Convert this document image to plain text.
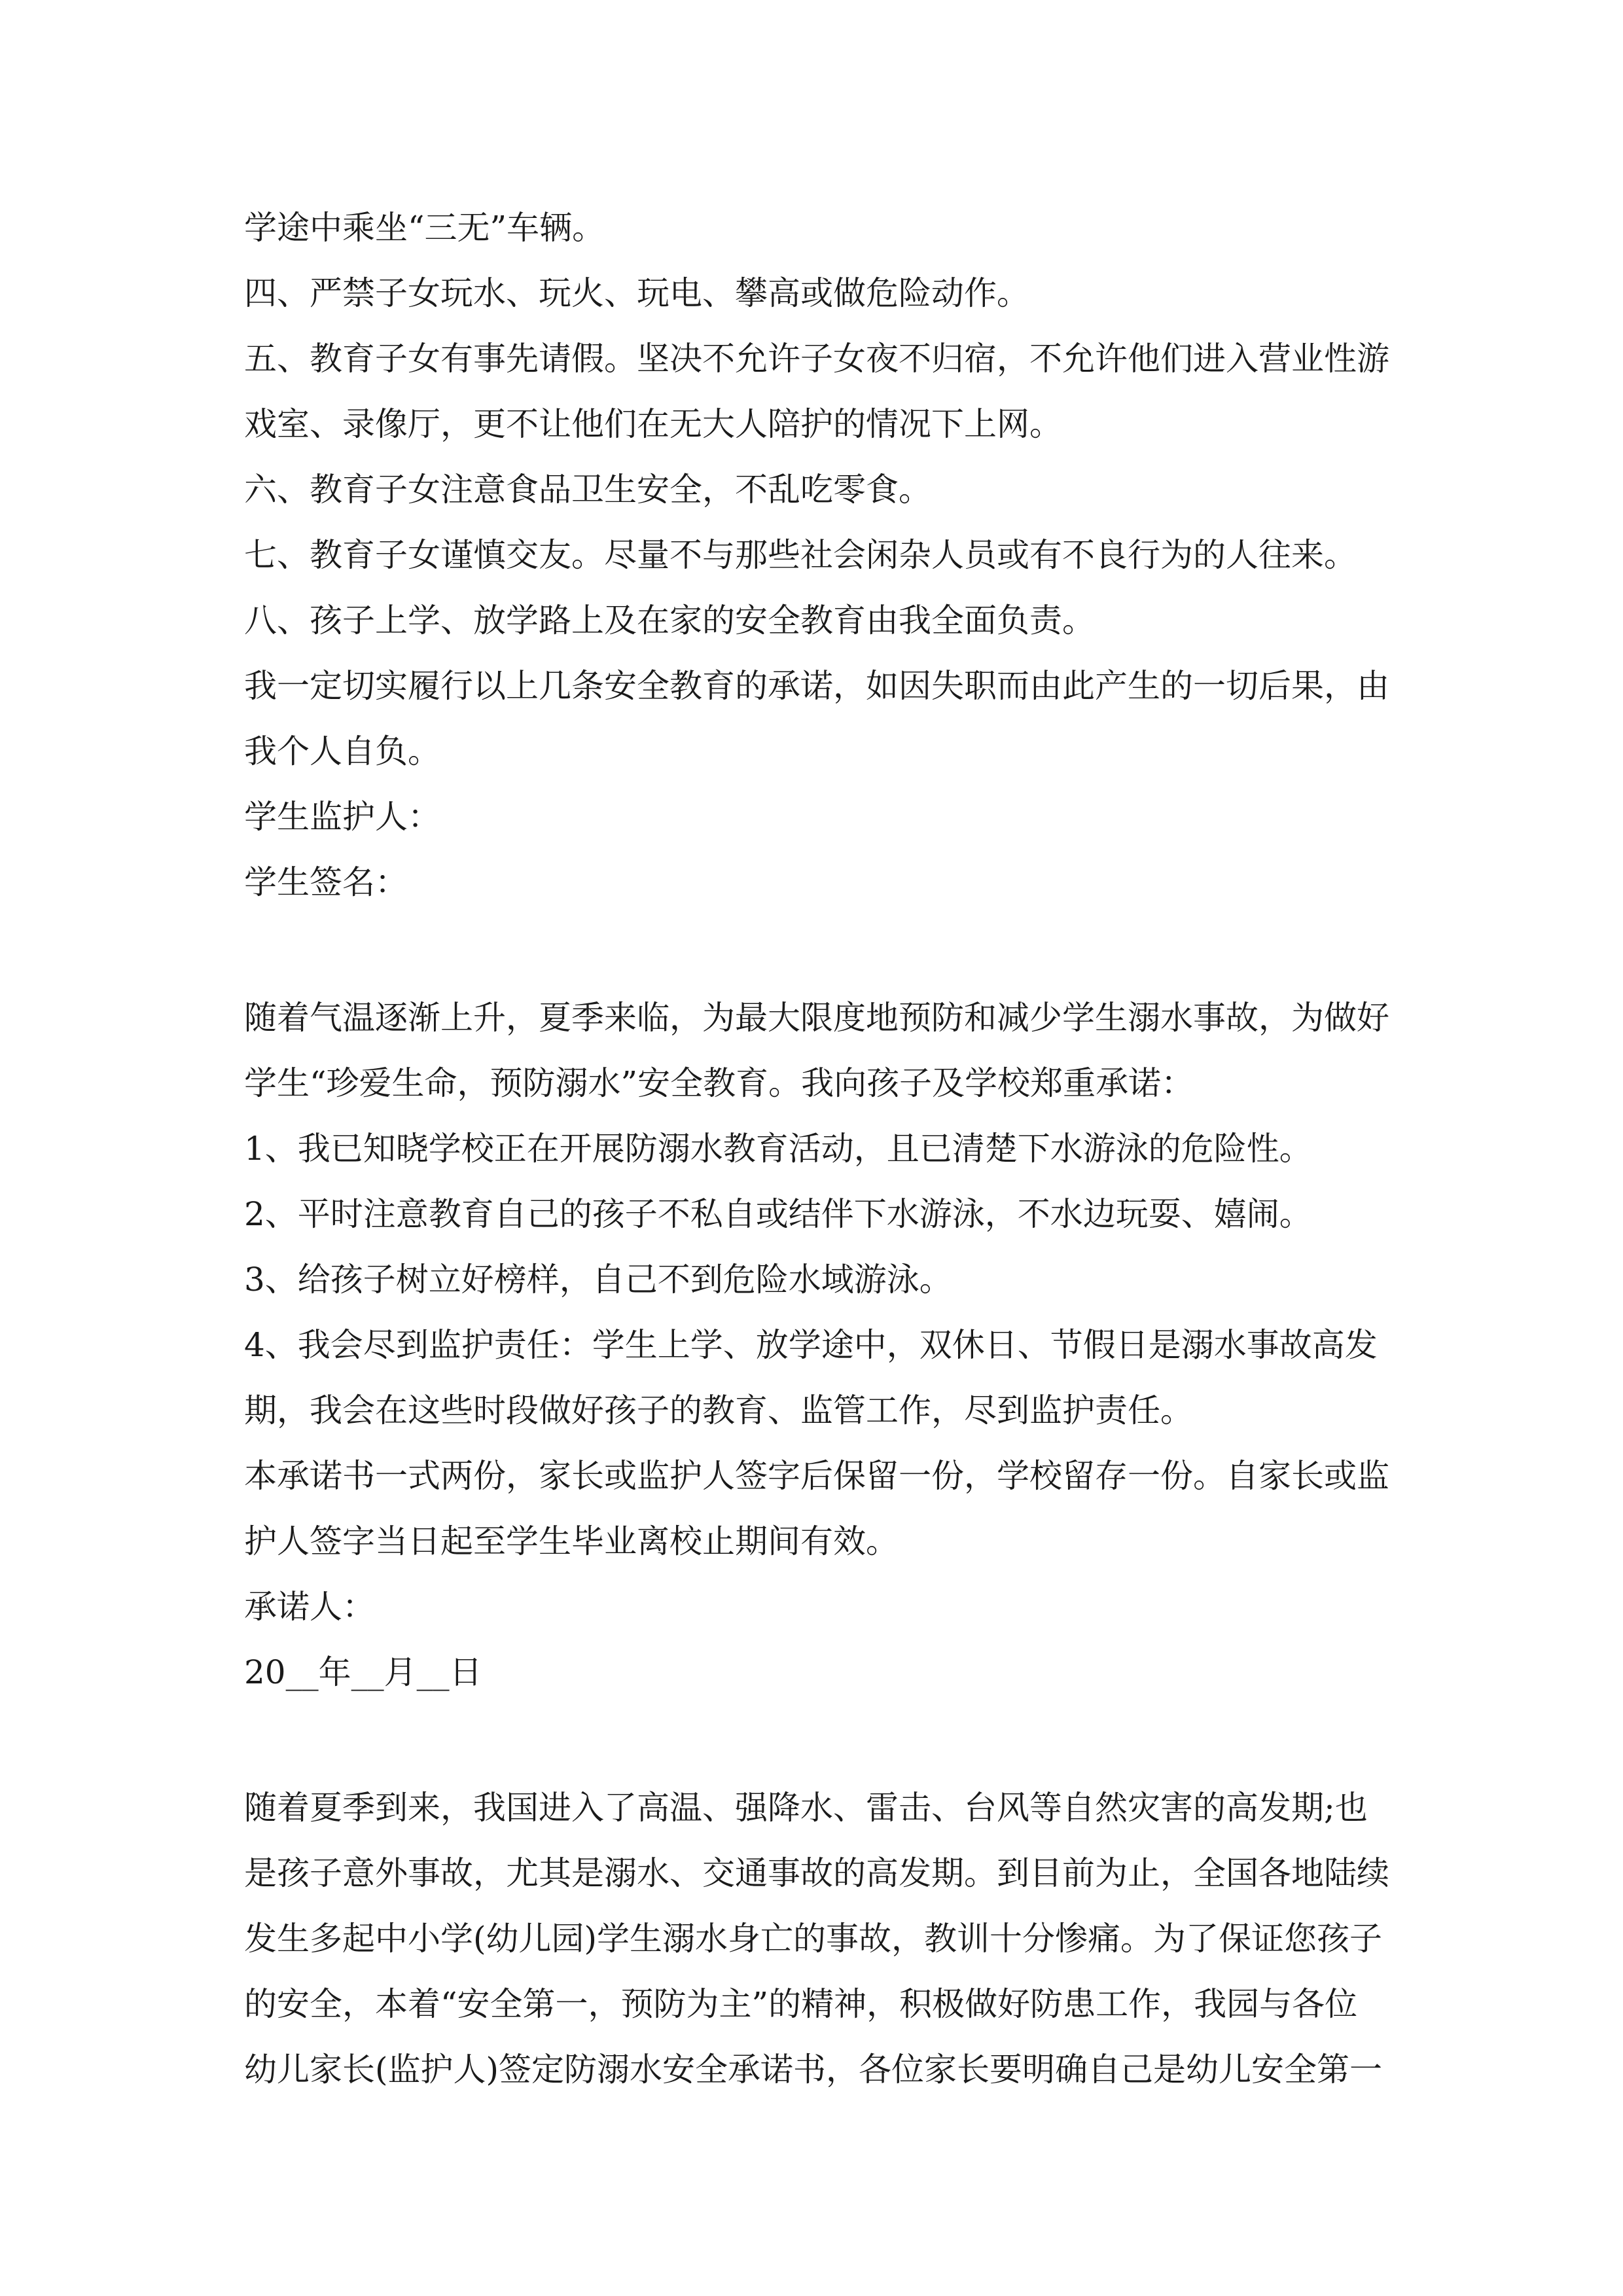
学途中乘坐“三无”车辆。
四、严禁子女玩水、玩火、玩电、攀高或做危险动作。
五、教育子女有事先请假。坚决不允许子女夜不归宿，不允许他们进入营业性游
戏室、录像厅，更不让他们在无大人陪护的情况下上网。
六、教育子女注意食品卫生安全，不乱吃零食。
七、教育子女谨慎交友。尽量不与那些社会闲杂人员或有不良行为的人往来。
八、孩子上学、放学路上及在家的安全教育由我全面负责。
我一定切实履行以上几条安全教育的承诺，如因失职而由此产生的一切后果，由
我个人自负。
学生监护人：
学生签名：
随着气温逐渐上升，夏季来临，为最大限度地预防和减少学生溺水事故，为做好
学生“珍爱生命，预防溺水”安全教育。我向孩子及学校郑重承诺：
1、我已知晓学校正在开展防溺水教育活动，且已清楚下水游泳的危险性。
2、平时注意教育自己的孩子不私自或结伴下水游泳，不水边玩耍、嬉闹。
3、给孩子树立好榜样，自己不到危险水域游泳。
4、我会尽到监护责任：学生上学、放学途中，双休日、节假日是溺水事故高发
期，我会在这些时段做好孩子的教育、监管工作，尽到监护责任。
本承诺书一式两份，家长或监护人签字后保留一份，学校留存一份。自家长或监
护人签字当日起至学生毕业离校止期间有效。
承诺人：
20__年__月__日
随着夏季到来，我国进入了高温、强降水、雷击、台风等自然灾害的高发期;也
是孩子意外事故，尤其是溺水、交通事故的高发期。到目前为止，全国各地陆续
发生多起中小学(幼儿园)学生溺水身亡的事故，教训十分惨痛。为了保证您孩子
的安全，本着“安全第一，预防为主”的精神，积极做好防患工作，我园与各位
幼儿家长(监护人)签定防溺水安全承诺书，各位家长要明确自己是幼儿安全第一
